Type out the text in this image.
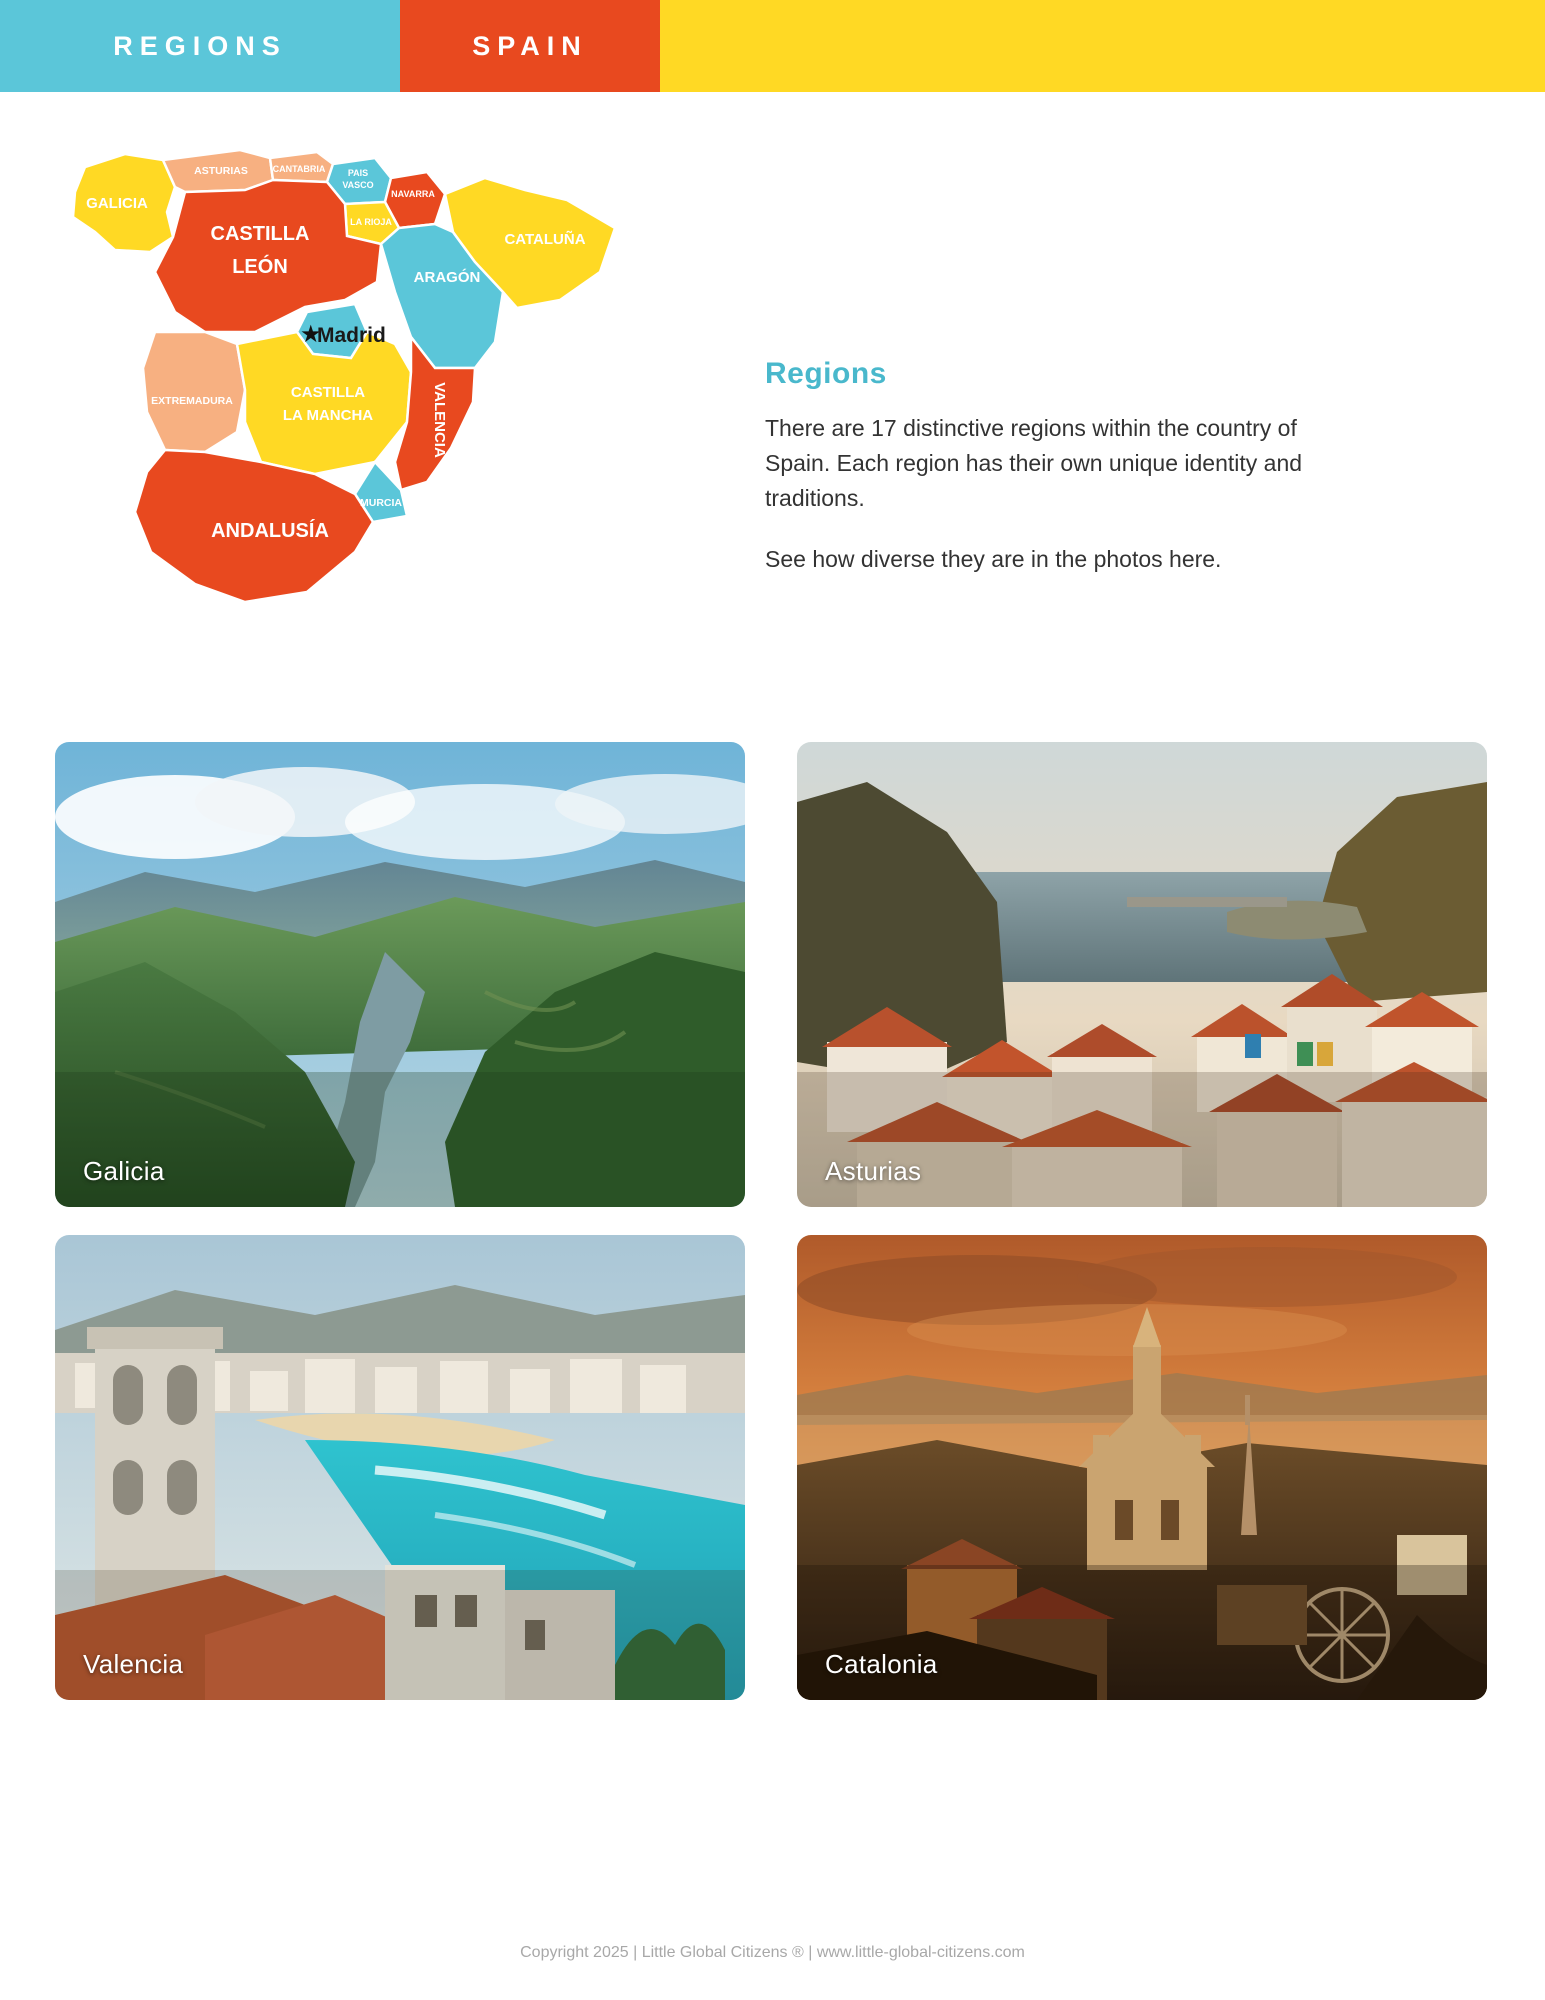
REGIONS	SPAIN
GALICIA
ASTURIAS	CANTABRIA PAIS
VASCO
NAVARRA
LA RIOJA
CASTILLA
LEÓN	ARAGÓN
CATALUÑA
EXTREMADURA	CASTILLA
LA MANCHA	VALENCIA
MURCIA
ANDALUSÍA
★
Madrid
Regions

There are 17 distinctive regions within the country of Spain. Each region has their own unique identity and traditions.

See how diverse they are in the photos here.

Galicia	Asturias
Valencia	Catalonia
Copyright 2025 | Little Global Citizens ® | www.little-global-citizens.com
